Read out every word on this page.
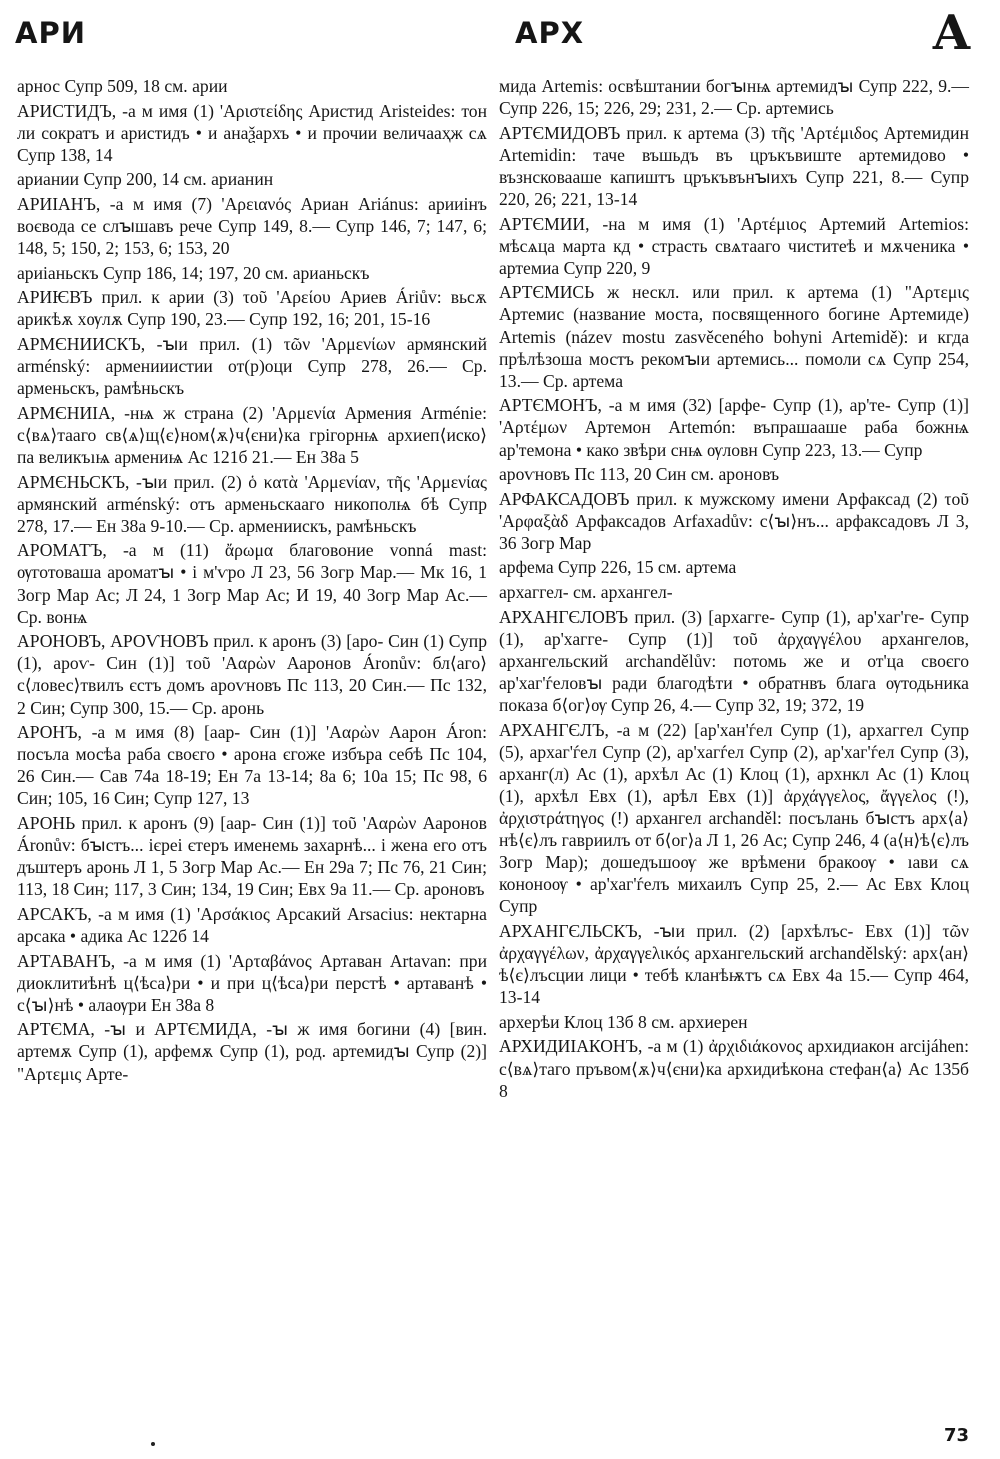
АРИ	АРХ	А

арнос Супр 509, 18 см. арии

АРИСТИДЪ, -а м имя (1) 'Αριστείδης Аристид Aristeides: тон ли сократъ и аристидъ • и анаѯархъ • и прочии величааҳж сѧ Супр 138, 14

ариании Супр 200, 14 см. арианин

АРИІАНЪ, -а м имя (7) 'Αρειανός Ариан Ariánus: арииінъ воєвода се слꙑшавъ рече Супр 149, 8.— Супр 146, 7; 147, 6; 148, 5; 150, 2; 153, 6; 153, 20

ариіаньскъ Супр 186, 14; 197, 20 см. арианьскъ

АРИѤВЪ прил. к арии (3) τοῦ 'Αρείου Ариев Áriův: вьсѫ арикѣѫ хѹлѫ Супр 190, 23.— Супр 192, 16; 201, 15-16

АРМЄНИИСКЪ, -ꙑи прил. (1) τῶν 'Αρμενίων армянский arménský: арменииистии от(р)оци Супр 278, 26.— Ср. арменьскъ, рамѣньскъ

АРМЄНИІА, -нѩ ж страна (2) 'Αρμενία Армения Arménie: с⟨вѧ⟩тааго св⟨ѧ⟩щ⟨є⟩ном⟨ѫ⟩ч⟨єни⟩ка грігорнѩ архиеп⟨иско⟩па великъıѩ армениѩ Ас 121б 21.— Ен 38а 5

АРМЄНЬСКЪ, -ꙑи прил. (2) ὁ κατὰ 'Αρμενίαν, τῆς 'Αρμενίας армянский arménský: отъ арменьскааго никополѩ бѣ Супр 278, 17.— Ен 38а 9-10.— Ср. армениискъ, рамѣньскъ

АРОМАТЪ, -а м (11) ἄρωμα благовоние vonná mast: ѹготоваша ароматꙑ • і м'ѵро Л 23, 56 Зогр Мар.— Мк 16, 1 Зогр Мар Ас; Л 24, 1 Зогр Мар Ас; И 19, 40 Зогр Мар Ас.— Ср. вонѩ

АРОНОВЪ, АРОѴНОВЪ прил. к аронъ (3) [аро- Син (1) Супр (1), ароѵ- Син (1)] τοῦ 'Ααρὼν Ааронов Áronův: бл⟨аго⟩с⟨ловес⟩твилъ єстъ домъ ароѵновъ Пс 113, 20 Син.— Пс 132, 2 Син; Супр 300, 15.— Ср. аронь

АРОНЪ, -а м имя (8) [аар- Син (1)] 'Ααρὼν Аарон Áron: посъла мосѣа раба своєго • арона єгоже избъра себѣ Пс 104, 26 Син.— Сав 74а 18-19; Ен 7а 13-14; 8а 6; 10а 15; Пс 98, 6 Син; 105, 16 Син; Супр 127, 13

АРОНЬ прил. к аронъ (9) [аар- Син (1)] τοῦ 'Ααρὼν Ааронов Áronův: бꙑстъ... ієреі єтеръ именемь захарнѣ... і жена его отъ дъштеръ аронь Л 1, 5 Зогр Мар Ас.— Ен 29а 7; Пс 76, 21 Син; 113, 18 Син; 117, 3 Син; 134, 19 Син; Евх 9а 11.— Ср. ароновъ

АРСАКЪ, -а м имя (1) 'Αρσάκιος Арсакий Arsacius: нектарна арсака • адика Ас 122б 14

АРТАВАНЪ, -а м имя (1) 'Αρταβάνος Артаван Artavan: при диоклитиѣнѣ ц⟨ѣса⟩ри • и при ц⟨ѣса⟩ри перстѣ • артаванѣ • с⟨ꙑ⟩нѣ • алаѹри Ен 38а 8

АРТЄМА, -ꙑ и АРТЄМИДА, -ꙑ ж имя богини (4) [вин. артемѫ Супр (1), арфемѫ Супр (1), род. артемидꙑ Супр (2)] "Αρτεμις Арте-

мида Artemis: освѣштании богꙑнѩ артемидꙑ Супр 222, 9.— Супр 226, 15; 226, 29; 231, 2.— Ср. артемись

АРТЄМИДОВЪ прил. к артема (3) τῆς 'Αρτέμιδος Артемидин Artemidin: таче въшьдъ въ цръкъвиште артемидово • възнсковааше капиштъ цръкъвънꙑихъ Супр 221, 8.— Супр 220, 26; 221, 13-14

АРТЄМИИ, -на м имя (1) 'Αρτέμιος Артемий Artemios: мѣсѧца марта кд • страсть свѧтааго чиститеѣ и мѫченика • артемиа Супр 220, 9

АРТЄМИСЬ ж нескл. или прил. к артема (1) "Αρτεμις Артемис (название моста, посвященного богине Артемиде) Artemis (název mostu zasvěceného bohyni Artemidě): и кгда прѣлѣзоша мостъ рекомꙑи артемись... помоли сѧ Супр 254, 13.— Ср. артема

АРТЄМОНЪ, -а м имя (32) [арфе- Супр (1), ар'те- Супр (1)] 'Αρτέμων Артемон Artemón: въпрашааше раба божнѩ ар'темона • како звѣри снѩ ѹловн Супр 223, 13.— Супр

ароѵновъ Пс 113, 20 Син см. ароновъ

АРФАКСАДОВЪ прил. к мужскому имени Арфаксад (2) τοῦ 'Αρφαξὰδ Арфаксадов Arfaxadův: с⟨ꙑ⟩нъ... арфаксадовъ Л 3, 36 Зогр Мар

арфема Супр 226, 15 см. артема

архаггел- см. архангел-

АРХАНГЄЛОВЪ прил. (3) [архагге- Супр (1), ар'хаг'ге- Супр (1), ар'хагге- Супр (1)] τοῦ ἀρχαγγέλου архангелов, архангельский archandělův: потомь же и от'ца своєго ар'хаг'ѓеловꙑ ради благодѣти • обратнвъ блага ѹтодьника показа б⟨ог⟩ѹ Супр 26, 4.— Супр 32, 19; 372, 19

АРХАНГЄЛЪ, -а м (22) [ар'хан'ѓел Супр (1), архаггел Супр (5), архаг'ѓел Супр (2), ар'хагѓел Супр (2), ар'хаг'ѓел Супр (3), арханг(л) Ас (1), архѣл Ас (1) Клоц (1), архнкл Ас (1) Клоц (1), архѣл Евх (1), арѣл Евх (1)] ἀρχάγγελος, ἄγγελος (!), ἀρχιστράτηγος (!) архангел archanděl: посълань бꙑстъ арх⟨а⟩нѣ⟨є⟩лъ гавриилъ от б⟨ог⟩а Л 1, 26 Ас; Супр 246, 4 (а⟨н⟩ѣ⟨є⟩лъ Зогр Мар); дошедъшоѹ же врѣмени бракоѹ • ıави сѧ кононоѹ • ар'хаг'ѓелъ михаилъ Супр 25, 2.— Ас Евх Клоц Супр

АРХАНГЄЛЬСКЪ, -ꙑи прил. (2) [архѣлъс- Евх (1)] τῶν ἀρχαγγέλων, ἀρχαγγελικός архангельский archandělský: арх⟨ан⟩ѣ⟨є⟩лъсции лици • тебѣ кланѣѭтъ сѧ Евх 4а 15.— Супр 464, 13-14

архерѣи Клоц 13б 8 см. архиерен

АРХИДИІАКОНЪ, -а м (1) ἀρχιδιάκονος архидиакон arcijáhen: с⟨вѧ⟩таго пръвом⟨ѫ⟩ч⟨єни⟩ка архидиѣкона стефан⟨а⟩ Ас 135б 8

73
